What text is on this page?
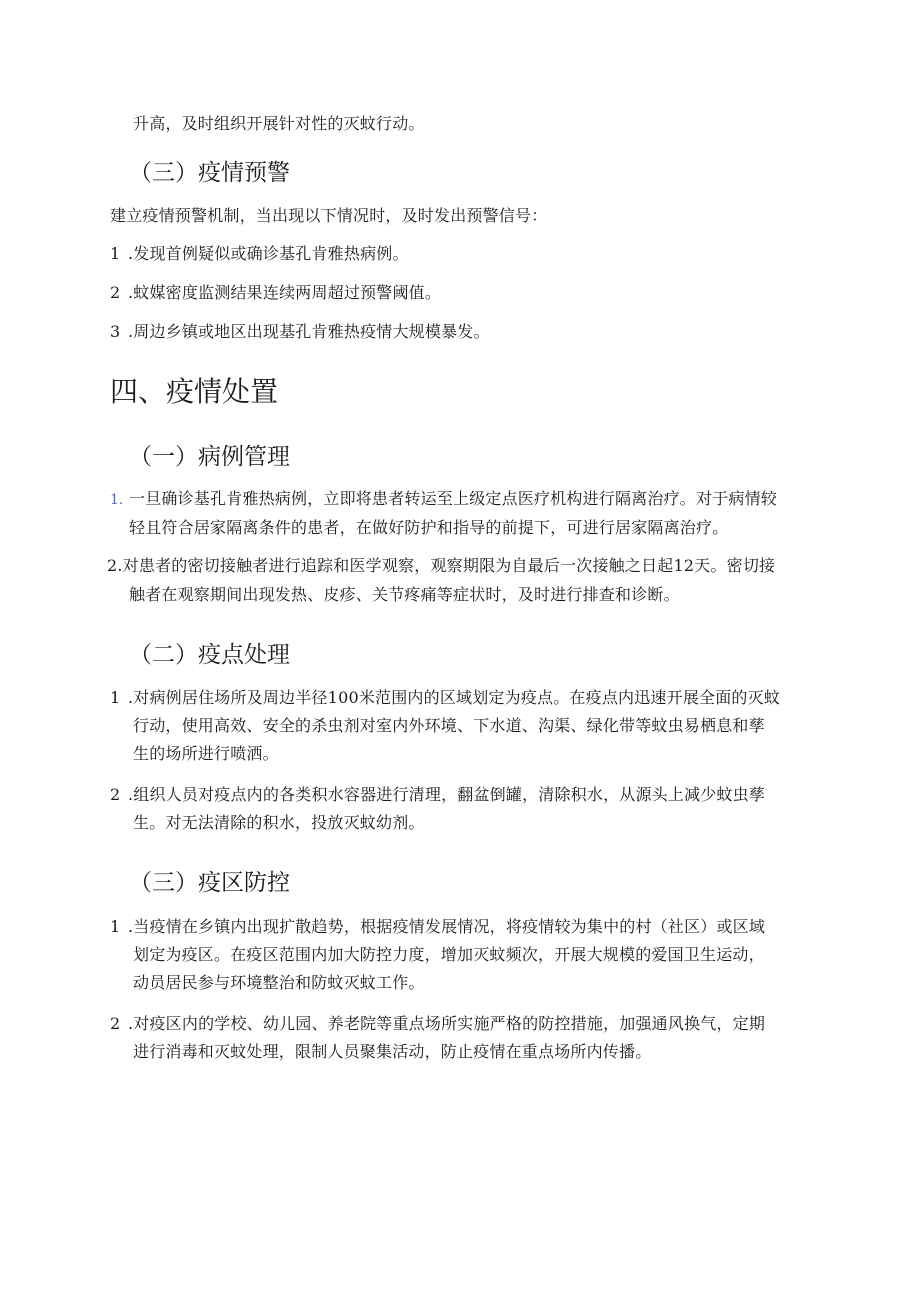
升高，及时组织开展针对性的灭蚊行动。
（三）疫情预警
建立疫情预警机制，当出现以下情况时，及时发出预警信号：
1 .发现首例疑似或确诊基孔肯雅热病例。
2 .蚊媒密度监测结果连续两周超过预警阈值。
3 .周边乡镇或地区出现基孔肯雅热疫情大规模暴发。
四、疫情处置
（一）病例管理
1. 一旦确诊基孔肯雅热病例，立即将患者转运至上级定点医疗机构进行隔离治疗。对于病情较
轻且符合居家隔离条件的患者，在做好防护和指导的前提下，可进行居家隔离治疗。
2.对患者的密切接触者进行追踪和医学观察，观察期限为自最后一次接触之日起12天。密切接
触者在观察期间出现发热、皮疹、关节疼痛等症状时，及时进行排查和诊断。
（二）疫点处理
1 .对病例居住场所及周边半径100米范围内的区域划定为疫点。在疫点内迅速开展全面的灭蚊
行动，使用高效、安全的杀虫剂对室内外环境、下水道、沟渠、绿化带等蚊虫易栖息和孳
生的场所进行喷洒。
2 .组织人员对疫点内的各类积水容器进行清理，翻盆倒罐，清除积水，从源头上减少蚊虫孳
生。对无法清除的积水，投放灭蚊幼剂。
（三）疫区防控
1 .当疫情在乡镇内出现扩散趋势，根据疫情发展情况，将疫情较为集中的村（社区）或区域
划定为疫区。在疫区范围内加大防控力度，增加灭蚊频次，开展大规模的爱国卫生运动，
动员居民参与环境整治和防蚊灭蚊工作。
2 .对疫区内的学校、幼儿园、养老院等重点场所实施严格的防控措施，加强通风换气，定期
进行消毒和灭蚊处理，限制人员聚集活动，防止疫情在重点场所内传播。
